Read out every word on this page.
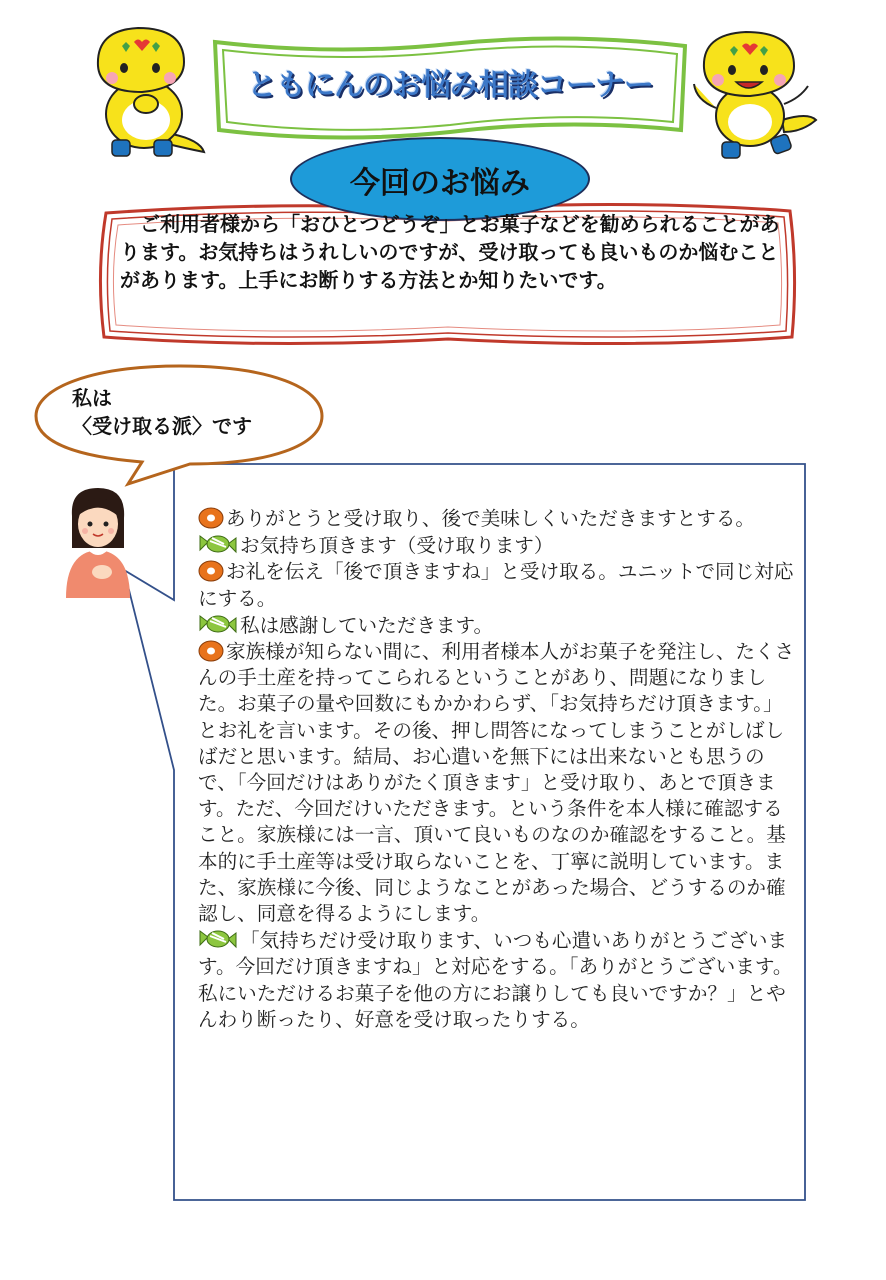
ともにんのお悩み相談コーナー
今回のお悩み
ご利用者様から「おひとつどうぞ」とお菓子などを勧められることがあります。お気持ちはうれしいのですが、受け取っても良いものか悩むことがあります。上手にお断りする方法とか知りたいです。
私は
〈受け取る派〉です

ありがとうと受け取り、後で美味しくいただきますとする。

お気持ち頂きます（受け取ります）

お礼を伝え「後で頂きますね」と受け取る。ユニットで同じ対応にする。

私は感謝していただきます。

家族様が知らない間に、利用者様本人がお菓子を発注し、たくさんの手土産を持ってこられるということがあり、問題になりました。お菓子の量や回数にもかかわらず、「お気持ちだけ頂きます。」とお礼を言います。その後、押し問答になってしまうことがしばしばだと思います。結局、お心遣いを無下には出来ないとも思うので、「今回だけはありがたく頂きます」と受け取り、あとで頂きます。ただ、今回だけいただきます。という条件を本人様に確認すること。家族様には一言、頂いて良いものなのか確認をすること。基本的に手土産等は受け取らないことを、丁寧に説明しています。また、家族様に今後、同じようなことがあった場合、どうするのか確認し、同意を得るようにします。

「気持ちだけ受け取ります、いつも心遣いありがとうございます。今回だけ頂きますね」と対応をする。「ありがとうございます。私にいただけるお菓子を他の方にお譲りしても良いですか？」とやんわり断ったり、好意を受け取ったりする。
